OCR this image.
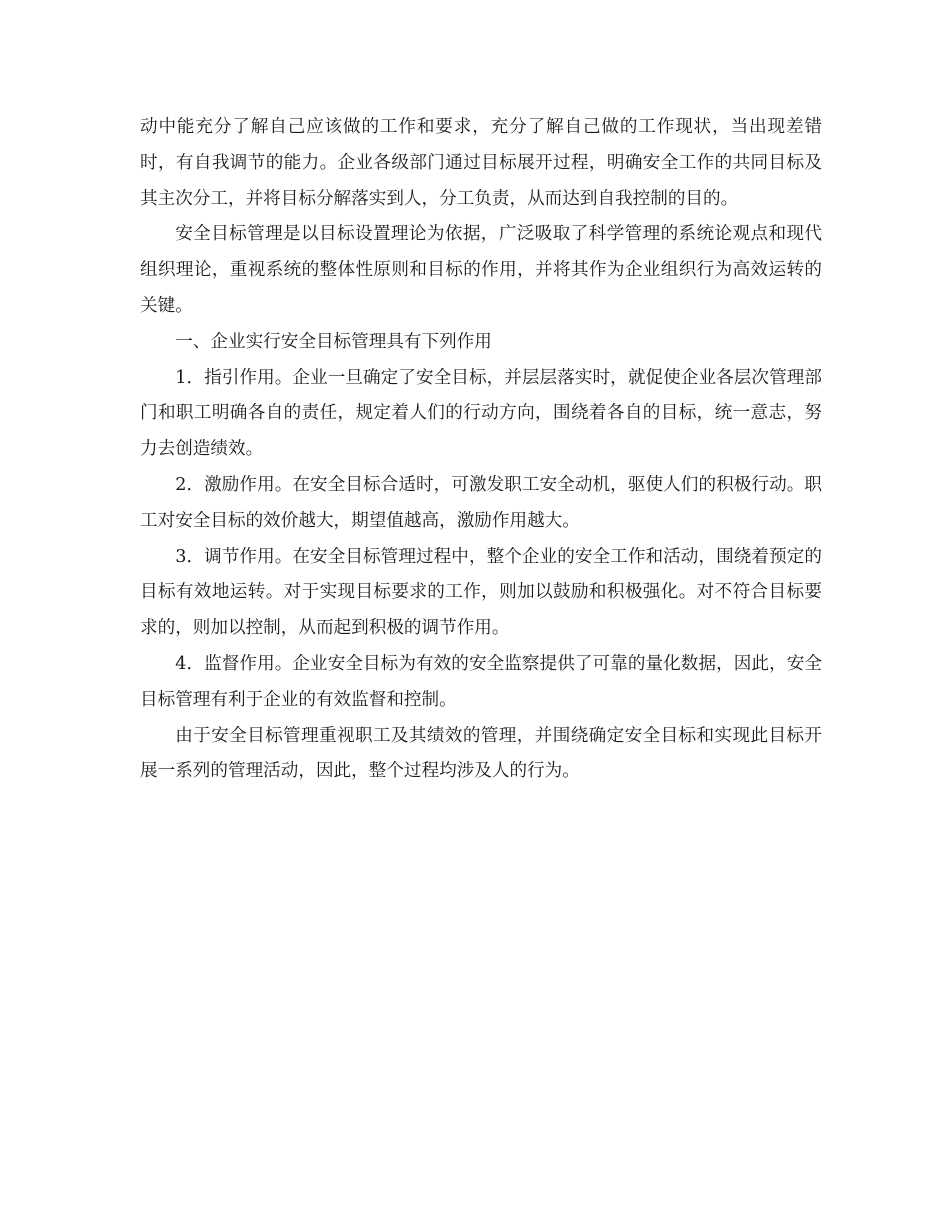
动中能充分了解自己应该做的工作和要求，充分了解自己做的工作现状，当出现差错时，有自我调节的能力。企业各级部门通过目标展开过程，明确安全工作的共同目标及其主次分工，并将目标分解落实到人，分工负责，从而达到自我控制的目的。

安全目标管理是以目标设置理论为依据，广泛吸取了科学管理的系统论观点和现代组织理论，重视系统的整体性原则和目标的作用，并将其作为企业组织行为高效运转的关键。

一、企业实行安全目标管理具有下列作用

1．指引作用。企业一旦确定了安全目标，并层层落实时，就促使企业各层次管理部门和职工明确各自的责任，规定着人们的行动方向，围绕着各自的目标，统一意志，努力去创造绩效。

2．激励作用。在安全目标合适时，可激发职工安全动机，驱使人们的积极行动。职工对安全目标的效价越大，期望值越高，激励作用越大。

3．调节作用。在安全目标管理过程中，整个企业的安全工作和活动，围绕着预定的目标有效地运转。对于实现目标要求的工作，则加以鼓励和积极强化。对不符合目标要求的，则加以控制，从而起到积极的调节作用。

4．监督作用。企业安全目标为有效的安全监察提供了可靠的量化数据，因此，安全目标管理有利于企业的有效监督和控制。

由于安全目标管理重视职工及其绩效的管理，并围绕确定安全目标和实现此目标开展一系列的管理活动，因此，整个过程均涉及人的行为。
